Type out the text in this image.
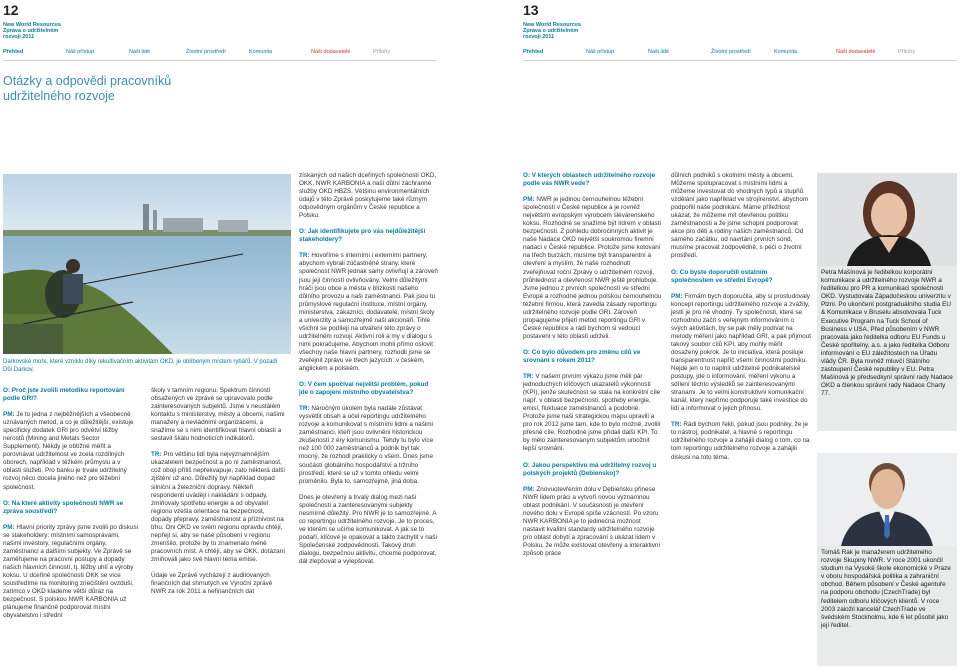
12
New World Resources
Zpráva o udržitelném
rozvoji 2011
Přehled	Náš přístup	Naši lidé	Životní prostředí	Komunita	Naši dodavatelé	Přílohy
Otázky a odpovědi pracovníků
udržitelného rozvoje
Darkovské moře, které vzniklo díky rekultivačním aktivitám OKD, je oblíbeným místem rybářů. V pozadí Důl Darkov.

O: Proč jste zvolili metodiku reportování podle GRI?

PM: Je to jedna z nejběžnějších a všeobecně uznávaných metod, a co je důležitější, existuje specifický dodatek GRI pro odvětví těžby nerostů (Mining and Metals Sector Supplement). Někdy je obtížné měřit a porovnávat udržitelnost ve zcela rozdílných oborech, například v těžkém průmyslu a v oblasti služeb. Pro banku je trvale udržitelný rozvoj něco docela jiného než pro těžební společnost.

O: Na které aktivity společnosti NWR se zpráva soustředí?

PM: Hlavní priority zprávy jsme zvolili po diskusi se stakeholdery: místními samosprávami, našimi investory, regulačními orgány, zaměstnanci a dalšími subjekty. Ve Zprávě se zaměřujeme na pracovní postupy a dopady našich hlavních činností, tj. těžby uhlí a výroby koksu. U dceřiné společnosti OKK se více soustředíme na monitoring znečištění ovzduší, zatímco v OKD klademe větší důraz na bezpečnost. S polskou NWR KARBONIA už plánujeme finančně podporovat místní obyvatelstvo i střední

školy v tamním regionu. Spektrum činností obsažených ve zprávě se upravovalo podle zainteresovaných subjektů. Jsme v neustálém kontaktu s ministerstvy, městy a obcemi, našimi manažery a nevládními organizacemi, a snažíme se s nimi identifikovat hlavní oblasti a sestavit škálu hodnoticích indikátorů.

TR: Pro většinu lidí byla nejvýznamnějším ukazatelem bezpečnost a po ní zaměstnanost, což obojí příliš nepřekvapuje, zato některá další zjištění už ano. Důležitý byl například dopad silniční a železniční dopravy. Někteří respondenti uvádějí i nakládání s odpady, zmiňovaly spotřebu energie a od obyvatel regionu vzešla orientace na bezpečnost, dopady přepravy, zaměstnanost a příznivost na trhu. Oni OKD ve svém regionu opravdu chtějí, nepřejí si, aby se naše působení v regionu zmenšilo, protože by to znamenalo méně pracovních míst. A chtějí, aby se OKK, dotázaní zmiňovali jako své hlavní téma emise.

Údaje ve Zprávě vycházejí z auditovaných finančních dat shrnutých ve Výroční zprávě NWR za rok 2011 a nefinančních dat

získaných od našich dceřiných společností OKD, OKK, NWR KARBONIA a naší důlní záchranné služby OKD HBZS. Většinu environmentálních údajů v této Zprávě poskytujeme také různým odpovědným orgánům v České republice a Polsku.

O: Jak identifikujete pro vás nejdůležitější stakeholdery?

TR: Hovoříme s interními i externími partnery, abychom vybrali zúčastněné strany, které společnost NWR jednak samy ovlivňují a zároveň jsou její činností ovlivňovány. Velmi důležitými hráči jsou obce a města v blízkosti našeho důlního provozu a naši zaměstnanci. Pak jsou tu průmyslové regulační instituce, místní orgány, ministerstva, zákazníci, dodavatelé, místní školy a univerzity a samozřejmě naši akcionáři. Tihle všichni se podílejí na utváření této zprávy o udržitelném rozvoji. Aktivní roli a my v dialogu s nimi pokračujeme. Abychom mohli přímo oslovit všechny naše hlavní partnery, rozhodli jsme se zveřejnit zprávu ve třech jazycích: v českém, anglickém a polském.

O: V čem spočívaí největší problém, pokud jde o zapojení místního obyvatelstva?

TR: Náročným úkolem byla nadále zůstávat vysvětlit obsah a účel reportingu udržitelného rozvoje a komunikovat s místními lidmi a našimi zaměstnanci, kteří jsou ovlivněni historickou zkušeností z éry komunismu. Tehdy tu bylo více než 100 000 zaměstnanců a podnik byl tak mocný, že rozhodl prakticky o všem. Dnes jsme součástí globálního hospodářství a tržního prostředí, které se už v tomto ohledu velmi proměnilo. Byla to, samozřejmě, jiná doba.

Dnes je otevřený a trvalý dialog mezi naší společností a zainteresovanými subjekty nesmírně důležitý. Pro NWR je to samozřejmé. A co reportingu udržitelného rozvoje. Je to proces, ve kterém se učíme komunikovat. A jak se to podaří, klíčové je opakovat a takto zachytit v naší Společenské zodpovědnosti. Takový druh dialogu, bezpečnou aktivitu, chceme podporovat, dál zlepšovat a vylepšovat.

13
New World Resources
Zpráva o udržitelném
rozvoji 2011
Přehled	Náš přístup	Naši lidé	Životní prostředí	Komunita	Naši dodavatelé	Přílohy

O: V kterých oblastech udržitelného rozvoje podle vás NWR vede?

PM: NWR je jedinou černouhelnou těžební společností v České republice a je rovněž největším evropským výrobcem slévárenského koksu. Rozhodně se snažíme být lídrem v oblasti bezpečnosti. Z pohledu dobročinných aktivit je naše Nadace OKD největší soukromou firemní nadací v České republice. Protože jsme kotovaní na třech burzách, musíme být transparentní a otevření a myslím, že naše rozhodnutí zveřejňovat roční Zprávy o udržitelném rozvoji, průhlednost a otevřenost NWR ještě prohlubuje. Jsme jednou z prvních společností ve střední Evropě a rozhodně jednou polskou černouhelnou těžební firmou, která zavedla zásady reportingu udržitelného rozvoje podle GRI. Zároveň propagujeme přijetí metod reportingu GRI v České republice a rádi bychom si vedoucí postavení v této oblasti udrželi.

O: Co bylo důvodem pro změnu cílů ve srovnání s rokem 2011?

TR: V našem prvním výkazu jsme měli pár jednoduchých klíčových ukazatelů výkonnosti (KPI), jenže skutečnost se stala na konkrétní cíle např. v oblasti bezpečnosti, spotřeby energie, emisí, fluktuace zaměstnanců a podobně. Protože jsme naši strategickou mapu upravili a pro rok 2012 jsme tam, kde to bylo možné, zvolili přesné cíle. Rozhodně jsme přidali další KPI. To by mělo zainteresovaným subjektům umožnit lepší srovnání.

O: Jakou perspektivu má udržitelný rozvoj u polských projektů (Debiensko)?

PM: Znovuotevřením dolu v Dębieńsku přinese NWR lidem práci a vytvoří novou významnou oblast podnikání. V současnosti je otevření nového dolu v Evropě spíše vzácností. Po vzoru NWR KARBONIA je to jedinečná možnost nastavit kvalitní standardy udržitelného rozvoje pro oblast dobytí a zpracování s ukázat lidem v Polsku, že může existovat otevřený a interaktivní způsob práce

důlních podniků s okolními městy a obcemi. Můžeme spolupracovat s místními lidmi a můžeme investovat do vhodných typů a stupňů vzdělání jako například ve strojírenství, abychom podpořili naše podnikání. Máme příležitost ukázat, že můžeme mít otevřenou politiku zaměstnanosti a že jsme schopni podporovat akce pro děti a rodiny našich zaměstnanců. Od samého začátku, od navrtání prvních sond, musíme pracovat zodpovědně, s péčí o životní prostředí.

O: Co byste doporučili ostatním společnostem ve střední Evropě?

PM: Firmám bych doporučila, aby si prostudovaly koncept reportingu udržitelného rozvoje a zvážily, jestli je pro ně vhodný. Ty společnosti, které se rozhodnou začít s veřejným informováním o svých aktivitách, by se pak měly podívat na metody měření jako například GRI, a pak přijmout takový soubor cílů KPI, aby mohly měřit dosažený pokrok. Je to iniciativa, která posiluje transparentnost napříč všemi činnostmi podniku. Nejde jen o to naplnit udržitelné podnikatelské postupy, jde o informování, měření výkonu a sdílení těchto výsledků se zainteresovanými stranami. Je to velmi konstruktivní komunikační kanál, který nepřímo podporuje také investice do lidí a informovat o jejich přínosu.

TR: Rádi bychom řekli, pokud jsou podniky, že je to nástroj, podnikatel, a hlavně s reportingu udržitelného rozvoje a zahájili dialog o tom, co na tom reportingu udržitelného rozvoje a zahájili diskusi na toto téma.

Petra Mašínová je ředitelkou korporátní komunikace a udržitelného rozvoje NWR a ředitelkou pro PR a komunikaci společnosti OKD. Vystudovala Západočeskou univerzitu v Plzni. Po ukončení postgraduálního studia EU & Komunikace v Bruselu absolvovala Tuck Executive Program na Tuck School of Business v USA. Před působením v NWR pracovala jako ředitelka odboru EU Funds u České spořitelny, a.s. a jako ředitelka Odboru informování o EU záležitostech na Úřadu vlády ČR. Byla rovněž mluvčí Státního zastoupení České republiky v EU. Petra Mašínová je předsedkyní správní rady Nadace OKD a členkou správní rady Nadace Charty 77.
Tomáš Rak je manažerem udržitelného rozvoje Skupiny NWR. V roce 2001 ukončil studium na Vysoké škole ekonomické v Praze v oboru hospodářská politika a zahraniční obchod. Během působení v České agentuře na podporu obchodu (CzechTrade) byl ředitelem odboru klíčových klientů. V roce 2003 založil kancelář CzechTrade ve švédském Stockholmu, kde 6 let působil jako její ředitel.
